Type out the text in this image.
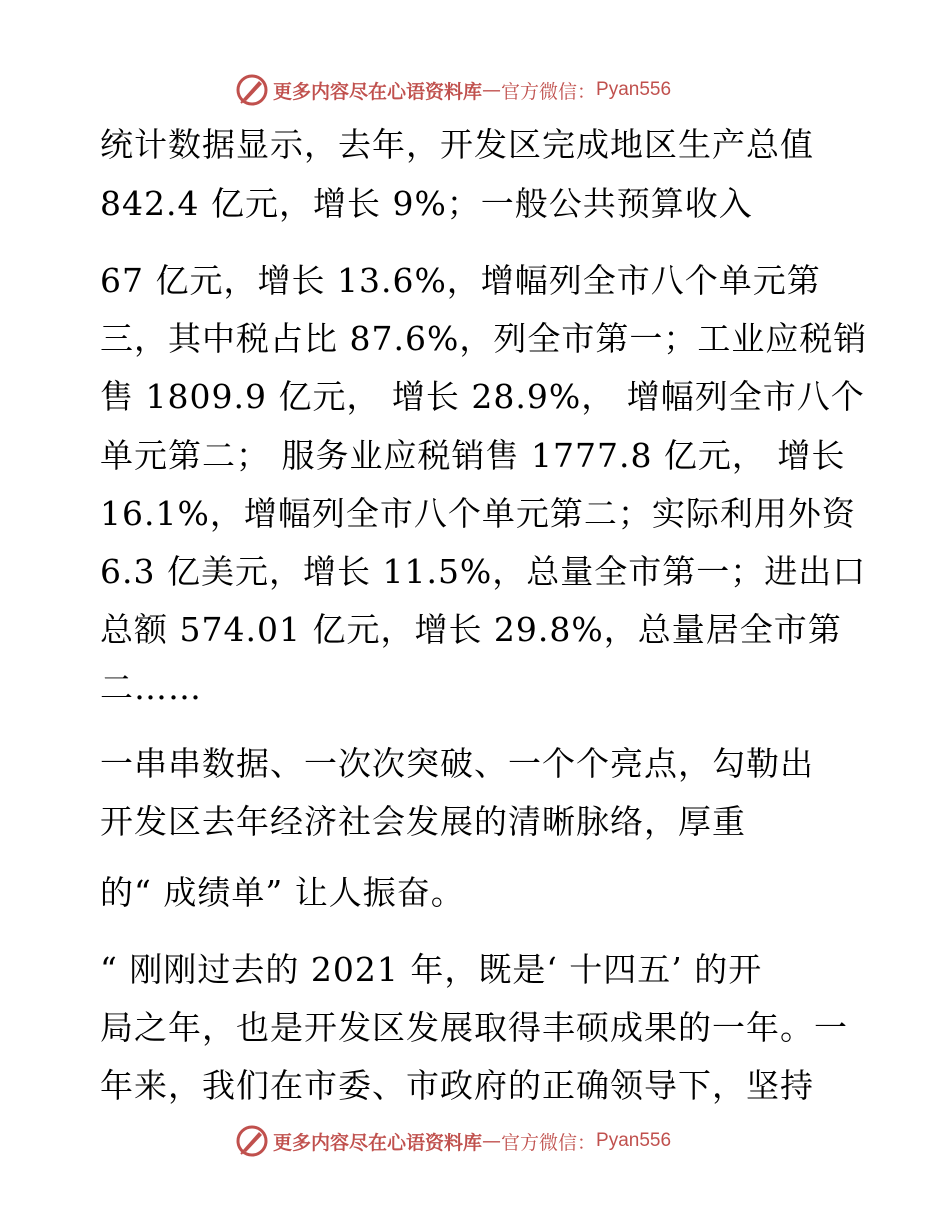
更多内容尽在心语资料库 — 官方微信： Pyan556
统计数据显示，去年，开发区完成地区生产总值
842.4 亿元，增长 9%；一般公共预算收入
67 亿元，增长 13.6%，增幅列全市八个单元第
三，其中税占比 87.6%，列全市第一；工业应税销
售 1809.9 亿元， 增长 28.9%， 增幅列全市八个
单元第二； 服务业应税销售 1777.8 亿元， 增长
16.1%，增幅列全市八个单元第二；实际利用外资
6.3 亿美元，增长 11.5%，总量全市第一；进出口
总额 574.01 亿元，增长 29.8%，总量居全市第
二……
一串串数据、一次次突破、一个个亮点，勾勒出
开发区去年经济社会发展的清晰脉络，厚重
的“ 成绩单” 让人振奋。
“ 刚刚过去的 2021 年，既是‘ 十四五’ 的开
局之年，也是开发区发展取得丰硕成果的一年。一
年来，我们在市委、市政府的正确领导下，坚持
更多内容尽在心语资料库 — 官方微信： Pyan556
